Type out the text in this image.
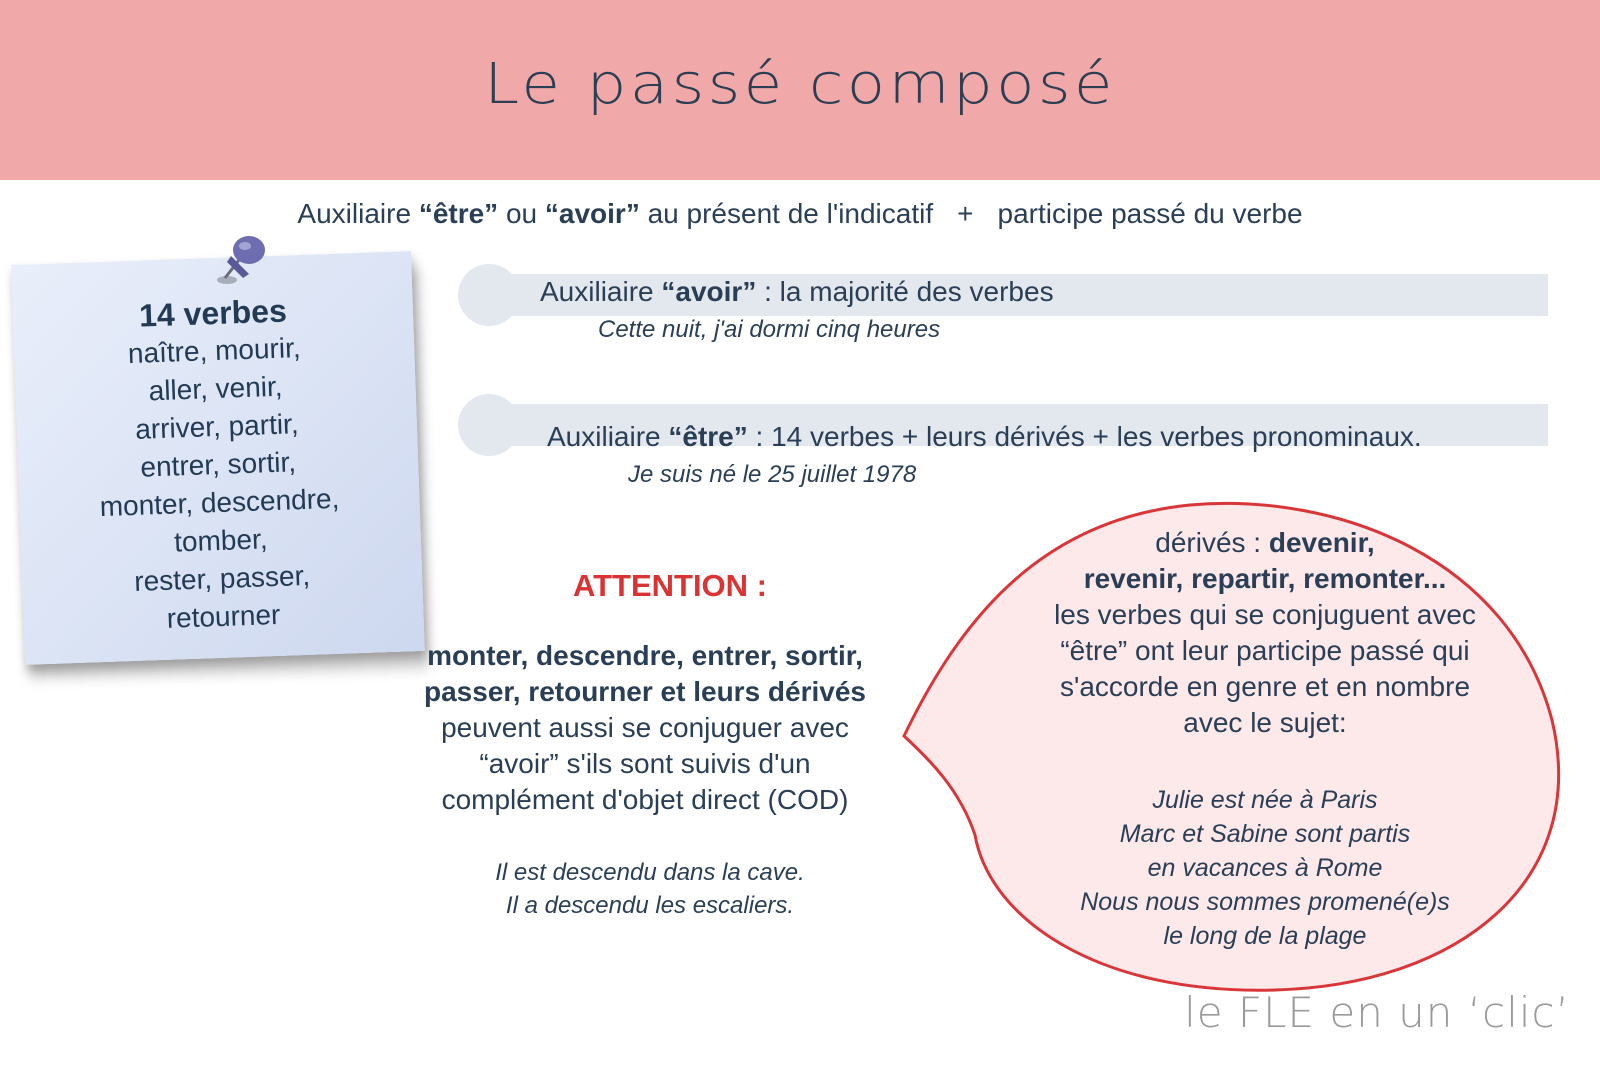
Le passé composé
Auxiliaire “être” ou “avoir” au présent de l'indicatif + participe passé du verbe
14 verbes
naître, mourir,
aller, venir,
arriver, partir,
entrer, sortir,
monter, descendre,
tomber,
rester, passer,
retourner
Auxiliaire “avoir” : la majorité des verbes
Cette nuit, j'ai dormi cinq heures
Auxiliaire “être” : 14 verbes + leurs dérivés + les verbes pronominaux.
Je suis né le 25 juillet 1978
ATTENTION :
monter, descendre, entrer, sortir,
passer, retourner et leurs dérivés
peuvent aussi se conjuguer avec
“avoir” s'ils sont suivis d'un
complément d'objet direct (COD)
Il est descendu dans la cave.
Il a descendu les escaliers.
dérivés : devenir,
revenir, repartir, remonter...
les verbes qui se conjuguent avec
“être” ont leur participe passé qui
s'accorde en genre et en nombre
avec le sujet:
Julie est née à Paris
Marc et Sabine sont partis
en vacances à Rome
Nous nous sommes promené(e)s
le long de la plage
le FLE en un ‘clic’
